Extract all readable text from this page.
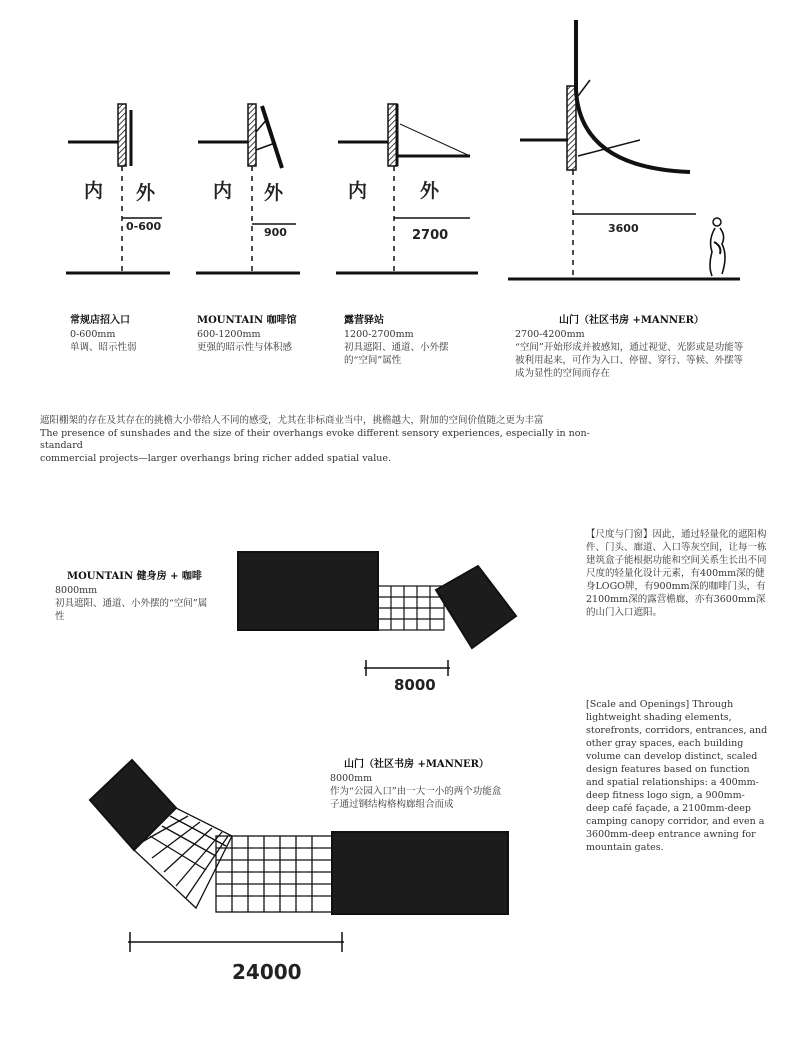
内 外
0-600
内 外
900
内	外
2700	3600
常规店招入口
0-600mm
单调、昭示性弱
MOUNTAIN 咖啡馆
600-1200mm
更强的昭示性与体积感
露营驿站
1200-2700mm
初具遮阳、通道、小外摆的“空间”属性
山门（社区书房 +MANNER）
2700-4200mm
“空间”开始形成并被感知，通过视觉、光影或是功能等被利用起来，可作为入口、停留、穿行、等候、外摆等成为显性的空间而存在
遮阳棚架的存在及其存在的挑檐大小带给人不同的感受，尤其在非标商业当中，挑檐越大，附加的空间价值随之更为丰富
The presence of sunshades and the size of their overhangs evoke different sensory experiences, especially in non-standard
commercial projects—larger overhangs bring richer added spatial value.
MOUNTAIN 健身房 + 咖啡
8000mm
初具遮阳、通道、小外摆的“空间”属性
8000
山门（社区书房 +MANNER）
8000mm
作为“公园入口”由一大一小的两个功能盒子通过钢结构格构廊组合而成
24000
【尺度与门窗】因此，通过轻量化的遮阳构件、门头、廊道、入口等灰空间，让每一栋建筑盒子能根据功能和空间关系生长出不同尺度的轻量化设计元素，有400mm深的健身LOGO牌，有900mm深的咖啡门头，有2100mm深的露营檐廊，亦有3600mm深的山门入口遮阳。
[Scale and Openings] Through lightweight shading elements, storefronts, corridors, entrances, and other gray spaces, each building volume can develop distinct, scaled design features based on function and spatial relationships: a 400mm-deep fitness logo sign, a 900mm-deep café façade, a 2100mm-deep camping canopy corridor, and even a 3600mm-deep entrance awning for mountain gates.
